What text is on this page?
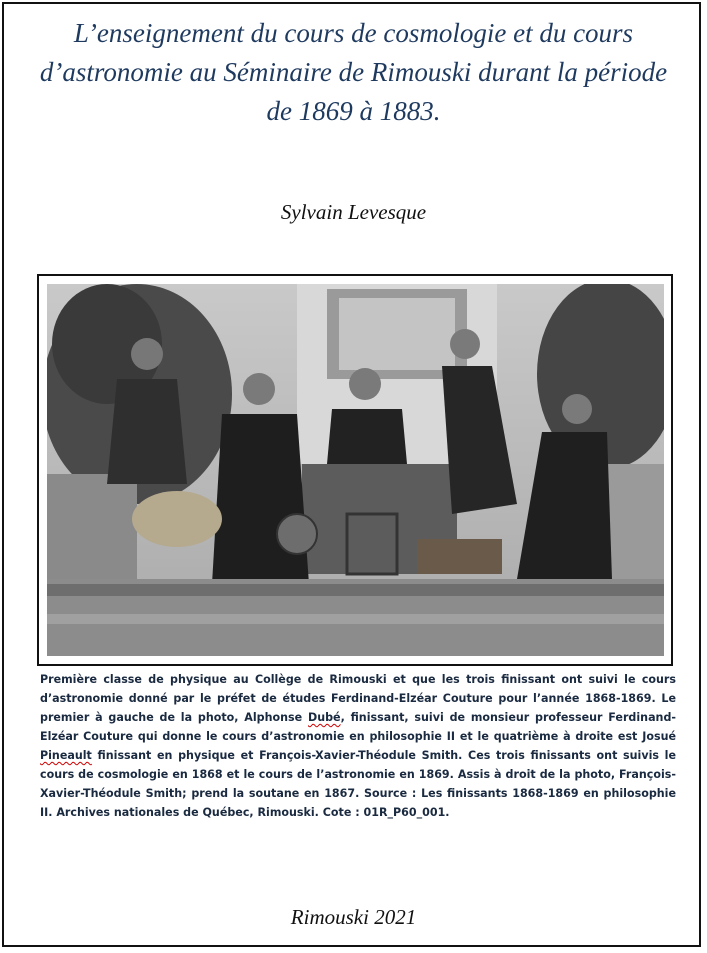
L’enseignement du cours de cosmologie et du cours d’astronomie au Séminaire de Rimouski durant la période de 1869 à 1883.
Sylvain Levesque
Première classe de physique au Collège de Rimouski et que les trois finissant ont suivi le cours d’astronomie donné par le préfet de études Ferdinand-Elzéar Couture pour l’année 1868-1869. Le premier à gauche de la photo, Alphonse Dubé, finissant, suivi de monsieur professeur Ferdinand-Elzéar Couture qui donne le cours d’astronomie en philosophie II et le quatrième à droite est Josué Pineault finissant en physique et François-Xavier-Théodule Smith. Ces trois finissants ont suivis le cours de cosmologie en 1868 et le cours de l’astronomie en 1869. Assis à droit de la photo, François-Xavier-Théodule Smith; prend la soutane en 1867. Source : Les finissants 1868-1869 en philosophie II. Archives nationales de Québec, Rimouski. Cote : 01R_P60_001.
Rimouski 2021
